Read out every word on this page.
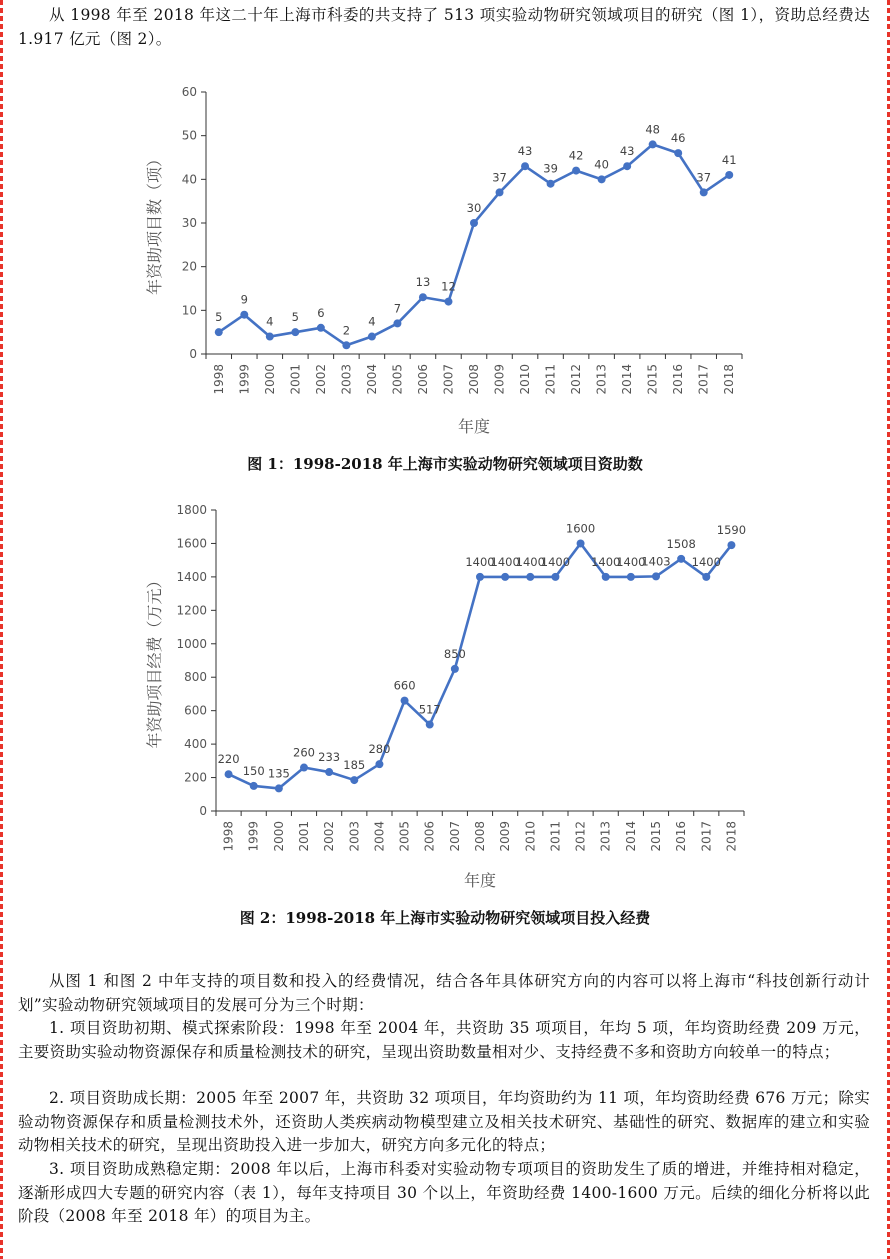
从 1998 年至 2018 年这二十年上海市科委的共支持了 513 项实验动物研究领域项目的研究（图 1），资助总经费达 1.917 亿元（图 2）。

0
10
20
30
40
50
60
1998 1999 2000 2001 2002 2003 2004 2005 2006 2007 2008 2009 2010 2011 2012 2013 2014 2015 2016 2017 2018
5
9
4 5 6
2
4
7
13 12
30
37
43
39
42
40
43
48
46
37
41
年度
年资助项目数（项）
图 1：1998-2018 年上海市实验动物研究领域项目资助数
0
200
400
600
800
1000
1200
1400
1600
1800
1998 1999 2000 2001 2002 2003 2004 2005 2006 2007 2008 2009 2010 2011 2012 2013 2014 2015 2016 2017 2018
220
150 135
260 233
185
280
660
517
850
1400
1400
1400
1400
1600
1400
1400
1403
1508
1400
1590
年度
年资助项目经费（万元）
图 2：1998-2018 年上海市实验动物研究领域项目投入经费

从图 1 和图 2 中年支持的项目数和投入的经费情况，结合各年具体研究方向的内容可以将上海市“科技创新行动计划”实验动物研究领域项目的发展可分为三个时期：

1. 项目资助初期、模式探索阶段：1998 年至 2004 年，共资助 35 项项目，年均 5 项，年均资助经费 209 万元，主要资助实验动物资源保存和质量检测技术的研究，呈现出资助数量相对少、支持经费不多和资助方向较单一的特点；

2. 项目资助成长期：2005 年至 2007 年，共资助 32 项项目，年均资助约为 11 项，年均资助经费 676 万元；除实验动物资源保存和质量检测技术外，还资助人类疾病动物模型建立及相关技术研究、基础性的研究、数据库的建立和实验动物相关技术的研究，呈现出资助投入进一步加大，研究方向多元化的特点；

3. 项目资助成熟稳定期：2008 年以后，上海市科委对实验动物专项项目的资助发生了质的增进，并维持相对稳定，逐渐形成四大专题的研究内容（表 1），每年支持项目 30 个以上，年资助经费 1400-1600 万元。后续的细化分析将以此阶段（2008 年至 2018 年）的项目为主。
